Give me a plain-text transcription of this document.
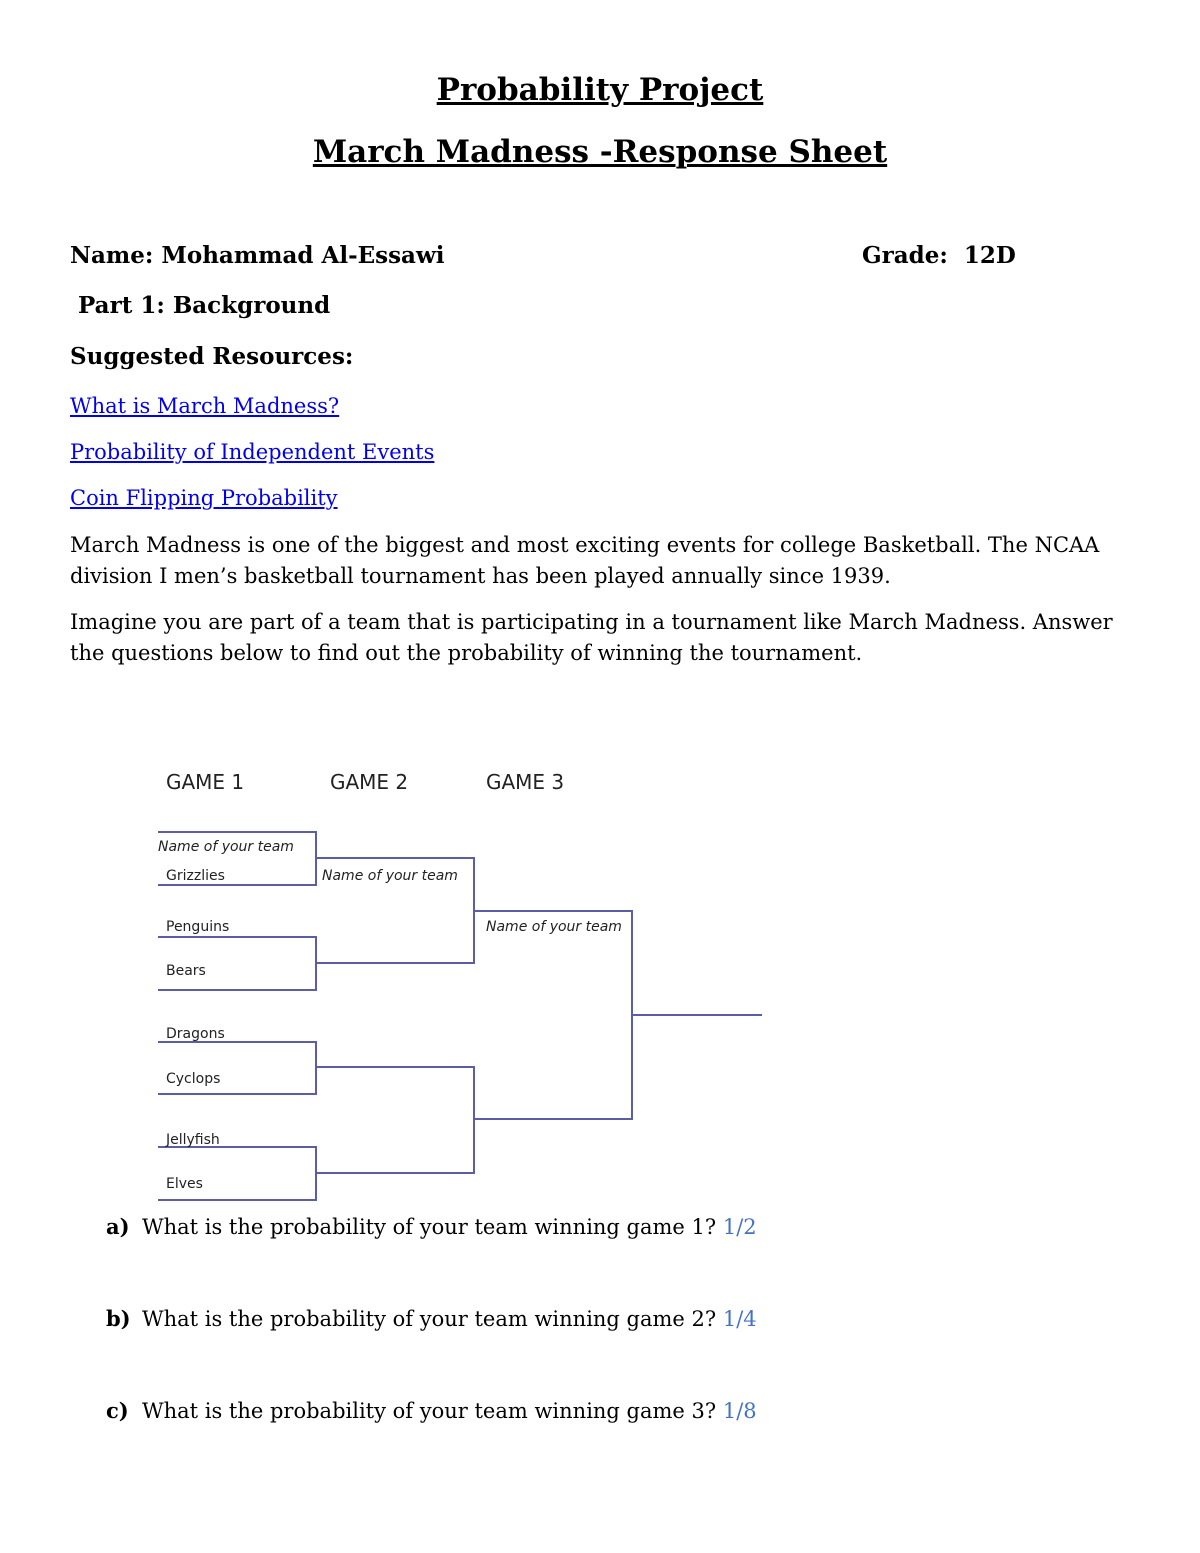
Probability Project
March Madness -Response Sheet
Name: Mohammad Al-Essawi	Grade: 12D
Part 1: Background
Suggested Resources:
What is March Madness?
Probability of Independent Events
Coin Flipping Probability
March Madness is one of the biggest and most exciting events for college Basketball. The NCAA division I men’s basketball tournament has been played annually since 1939.
Imagine you are part of a team that is participating in a tournament like March Madness. Answer the questions below to find out the probability of winning the tournament.
GAME 1	GAME 2	GAME 3
Name of your team
Grizzlies
Penguins
Bears
Dragons
Cyclops
Jellyfish
Elves
Name of your team
Name of your team
a) What is the probability of your team winning game 1? 1/2
b) What is the probability of your team winning game 2? 1/4
c) What is the probability of your team winning game 3? 1/8
